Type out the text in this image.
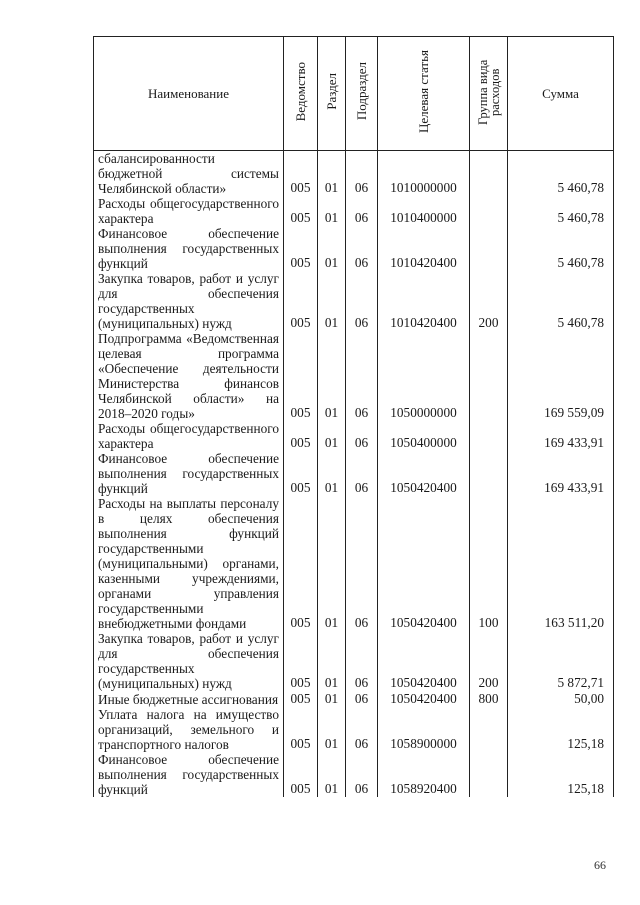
Наименование	Ведомство	Раздел	Подраздел	Целевая статья	Группа вида расходов	Сумма
сбалансированности бюджетной системы Челябинской области»	005	01	06	1010000000		5 460,78
Расходы общегосударственного характера	005	01	06	1010400000		5 460,78
Финансовое обеспечение выполнения государственных функций	005	01	06	1010420400		5 460,78
Закупка товаров, работ и услуг для обеспечения государственных (муниципальных) нужд	005	01	06	1010420400	200	5 460,78
Подпрограмма «Ведомственная целевая программа «Обеспечение деятельности Министерства финансов Челябинской области» на 2018–2020 годы»	005	01	06	1050000000		169 559,09
Расходы общегосударственного характера	005	01	06	1050400000		169 433,91
Финансовое обеспечение выполнения государственных функций	005	01	06	1050420400		169 433,91
Расходы на выплаты персоналу в целях обеспечения выполнения функций государственными (муниципальными) органами, казенными учреждениями, органами управления государственными внебюджетными фондами	005	01	06	1050420400	100	163 511,20
Закупка товаров, работ и услуг для обеспечения государственных (муниципальных) нужд	005	01	06	1050420400	200	5 872,71
Иные бюджетные ассигнования	005	01	06	1050420400	800	50,00
Уплата налога на имущество организаций, земельного и транспортного налогов	005	01	06	1058900000		125,18
Финансовое обеспечение выполнения государственных функций	005	01	06	1058920400		125,18
66
